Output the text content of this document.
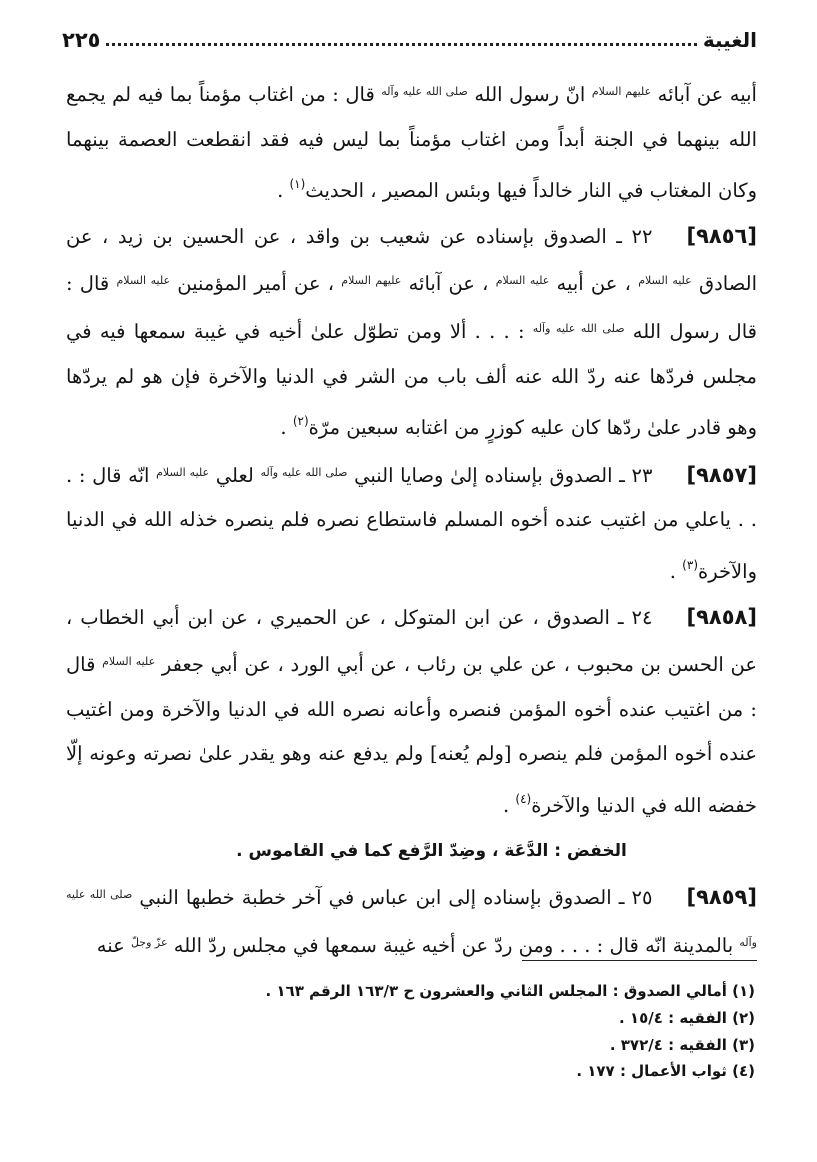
الغيبة
٢٢٥

أبيه عن آبائه $^{عليهم السلام}$ انّ رسول الله $^{صلى الله عليه وآله}$ قال : من اغتاب مؤمناً بما فيه لم يجمع الله بينهما في الجنة أبداً ومن اغتاب مؤمناً بما ليس فيه فقد انقطعت العصمة بينهما وكان المغتاب في النار خالداً فيها وبئس المصير ، الحديث$^{(١)}$ .

[٩٨٥٦]٢٢ ـ الصدوق بإسناده عن شعيب بن واقد ، عن الحسين بن زيد ، عن الصادق $^{عليه السلام}$ ، عن أبيه $^{عليه السلام}$ ، عن آبائه $^{عليهم السلام}$ ، عن أمير المؤمنين $^{عليه السلام}$ قال : قال رسول الله $^{صلى الله عليه وآله}$ : . . . ألا ومن تطوّل علىٰ أخيه في غيبة سمعها فيه في مجلس فردّها عنه ردّ الله عنه ألف باب من الشر في الدنيا والآخرة فإن هو لم يردّها وهو قادر علىٰ ردّها كان عليه كوزرٍ من اغتابه سبعين مرّة$^{(٢)}$ .

[٩٨٥٧]٢٣ ـ الصدوق بإسناده إلىٰ وصايا النبي $^{صلى الله عليه وآله}$ لعلي $^{عليه السلام}$ انّه قال : . . . ياعلي من اغتيب عنده أخوه المسلم فاستطاع نصره فلم ينصره خذله الله في الدنيا والآخرة$^{(٣)}$ .

[٩٨٥٨]٢٤ ـ الصدوق ، عن ابن المتوكل ، عن الحميري ، عن ابن أبي الخطاب ، عن الحسن بن محبوب ، عن علي بن رئاب ، عن أبي الورد ، عن أبي جعفر $^{عليه السلام}$ قال : من اغتيب عنده أخوه المؤمن فنصره وأعانه نصره الله في الدنيا والآخرة ومن اغتيب عنده أخوه المؤمن فلم ينصره [ولم يُعنه] ولم يدفع عنه وهو يقدر علىٰ نصرته وعونه إلّا خفضه الله في الدنيا والآخرة$^{(٤)}$ .

الخفض : الدَّعَة ، وضِدّ الرَّفع كما في القاموس .

[٩٨٥٩]٢٥ ـ الصدوق بإسناده إلى ابن عباس في آخر خطبة خطبها النبي $^{صلى الله عليه وآله}$ بالمدينة انّه قال : . . . ومن ردّ عن أخيه غيبة سمعها في مجلس ردّ الله $^{عزّ وجلّ}$ عنه

(١) أمالي الصدوق : المجلس الثاني والعشرون ح ١٦٣/٣ الرقم ١٦٣ .

(٢) الفقيه : ١٥/٤ .

(٣) الفقيه : ٣٧٢/٤ .

(٤) ثواب الأعمال : ١٧٧ .
